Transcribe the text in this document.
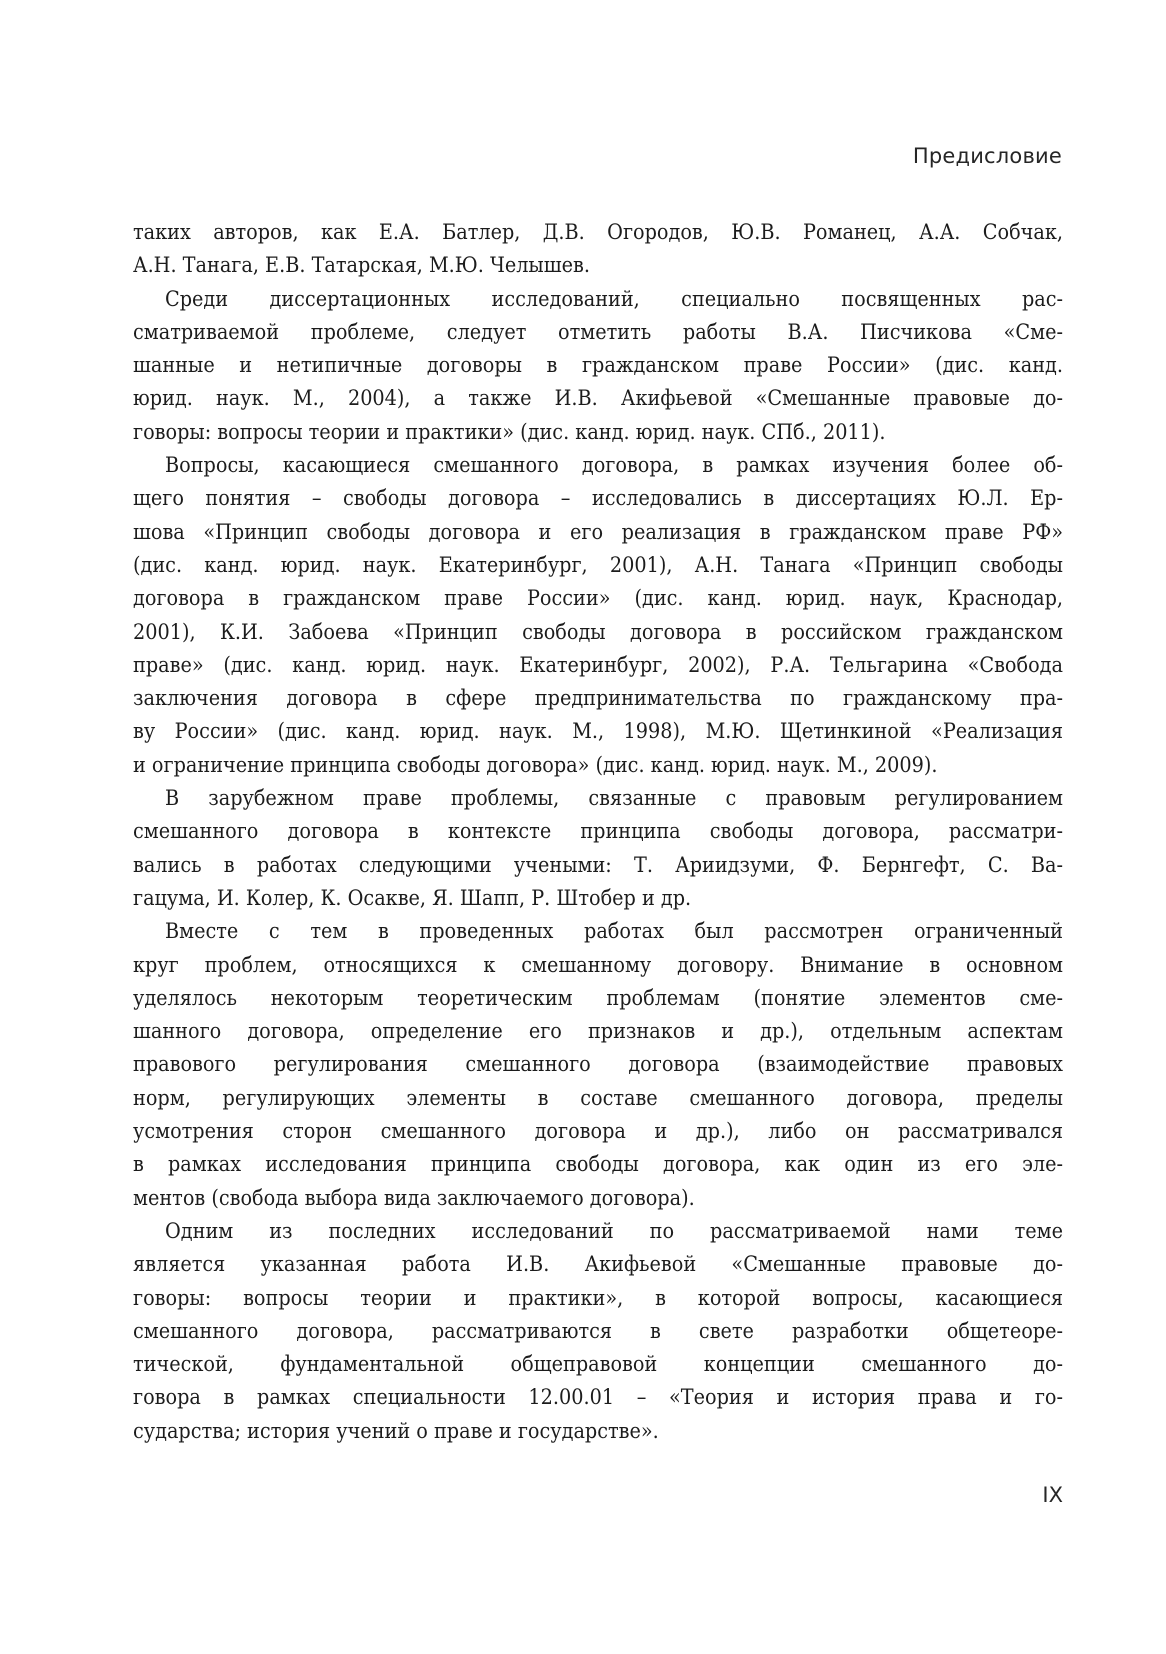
Предисловие
таких авторов, как Е.А. Батлер, Д.В. Огородов, Ю.В. Романец, А.А. Собчак,
А.Н. Танага, Е.В. Татарская, М.Ю. Челышев.
Среди диссертационных исследований, специально посвященных рас-
сматриваемой проблеме, следует отметить работы В.А. Писчикова «Сме-
шанные и нетипичные договоры в гражданском праве России» (дис. канд.
юрид. наук. М., 2004), а также И.В. Акифьевой «Смешанные правовые до-
говоры: вопросы теории и практики» (дис. канд. юрид. наук. СПб., 2011).
Вопросы, касающиеся смешанного договора, в рамках изучения более об-
щего понятия – свободы договора – исследовались в диссертациях Ю.Л. Ер-
шова «Принцип свободы договора и его реализация в гражданском праве РФ»
(дис. канд. юрид. наук. Екатеринбург, 2001), А.Н. Танага «Принцип свободы
договора в гражданском праве России» (дис. канд. юрид. наук, Краснодар,
2001), К.И. Забоева «Принцип свободы договора в российском гражданском
праве» (дис. канд. юрид. наук. Екатеринбург, 2002), Р.А. Тельгарина «Свобода
заключения договора в сфере предпринимательства по гражданскому пра-
ву России» (дис. канд. юрид. наук. М., 1998), М.Ю. Щетинкиной «Реализация
и ограничение принципа свободы договора» (дис. канд. юрид. наук. М., 2009).
В зарубежном праве проблемы, связанные с правовым регулированием
смешанного договора в контексте принципа свободы договора, рассматри-
вались в работах следующими учеными: Т. Ариидзуми, Ф. Бернгефт, С. Ва-
гацума, И. Колер, К. Осакве, Я. Шапп, Р. Штобер и др.
Вместе с тем в проведенных работах был рассмотрен ограниченный
круг проблем, относящихся к смешанному договору. Внимание в основном
уделялось некоторым теоретическим проблемам (понятие элементов сме-
шанного договора, определение его признаков и др.), отдельным аспектам
правового регулирования смешанного договора (взаимодействие правовых
норм, регулирующих элементы в составе смешанного договора, пределы
усмотрения сторон смешанного договора и др.), либо он рассматривался
в рамках исследования принципа свободы договора, как один из его эле-
ментов (свобода выбора вида заключаемого договора).
Одним из последних исследований по рассматриваемой нами теме
является указанная работа И.В. Акифьевой «Смешанные правовые до-
говоры: вопросы теории и практики», в которой вопросы, касающиеся
смешанного договора, рассматриваются в свете разработки общетеоре-
тической, фундаментальной общеправовой концепции смешанного до-
говора в рамках специальности 12.00.01 – «Теория и история права и го-
сударства; история учений о праве и государстве».
IX
